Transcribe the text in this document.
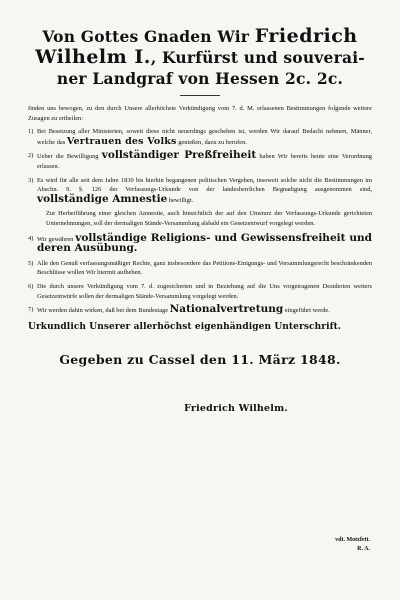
Von Gottes Gnaden Wir Friedrich
Wilhelm I., Kurfürst und souverai-
ner Landgraf von Hessen 2c. 2c.

finden uns bewogen, zu den durch Unsere allerhöchste Verkündigung vom 7. d. M. erlassenen Bestimmungen folgende weitere Zusagen zu ertheilen:

1) Bei Besetzung aller Ministerien, soweit diese nicht neuerdings geschehen ist, werden Wir darauf Bedacht nehmen, Männer, welche das Vertrauen des Volks genießen, dazu zu berufen.
2) Ueber die Bewilligung vollständiger Preßfreiheit haben Wir bereits heute eine Verordnung erlassen.
3) Es wird für alle seit dem Jahre 1830 bis hierhin begangenen politischen Vergehen, insoweit solche nicht die Bestimmungen im Abschn. 9. §. 126 der Verfassungs-Urkunde von der landesherrlichen Begnadigung ausgenommen sind, vollständige Amnestie bewilligt.

Zur Herbeiführung einer gleichen Amnestie, auch hinsichtlich der auf den Umsturz der Verfassungs-Urkunde gerichteten Unternehmungen, soll der dermaligen Stände-Versammlung alsbald ein Gesetzentwurf vorgelegt werden.

4) Wir gewähren vollständige Religions- und Gewissensfreiheit und deren Ausübung.
5) Alle den Genuß verfassungsmäßiger Rechte, ganz insbesondere das Petitions-Einigungs- und Versammlungsrecht beschränkenden Beschlüsse wollen Wir hiermit aufheben.
6) Die durch unsere Verkündigung vom 7. d. zugesicherten und in Beziehung auf die Uns vorgetragenen Desiderien weiters Gesetzentwürfe sollen der dermaligen Stände-Versammlung vorgelegt werden.
7) Wir werden dahin wirken, daß bei dem Bundestage Nationalvertretung eingeführt werde.
Urkundlich Unserer allerhöchst eigenhändigen Unterschrift.
Gegeben zu Cassel den 11. März 1848.
Friedrich Wilhelm.
vdt. Motzfett.
R. A.
